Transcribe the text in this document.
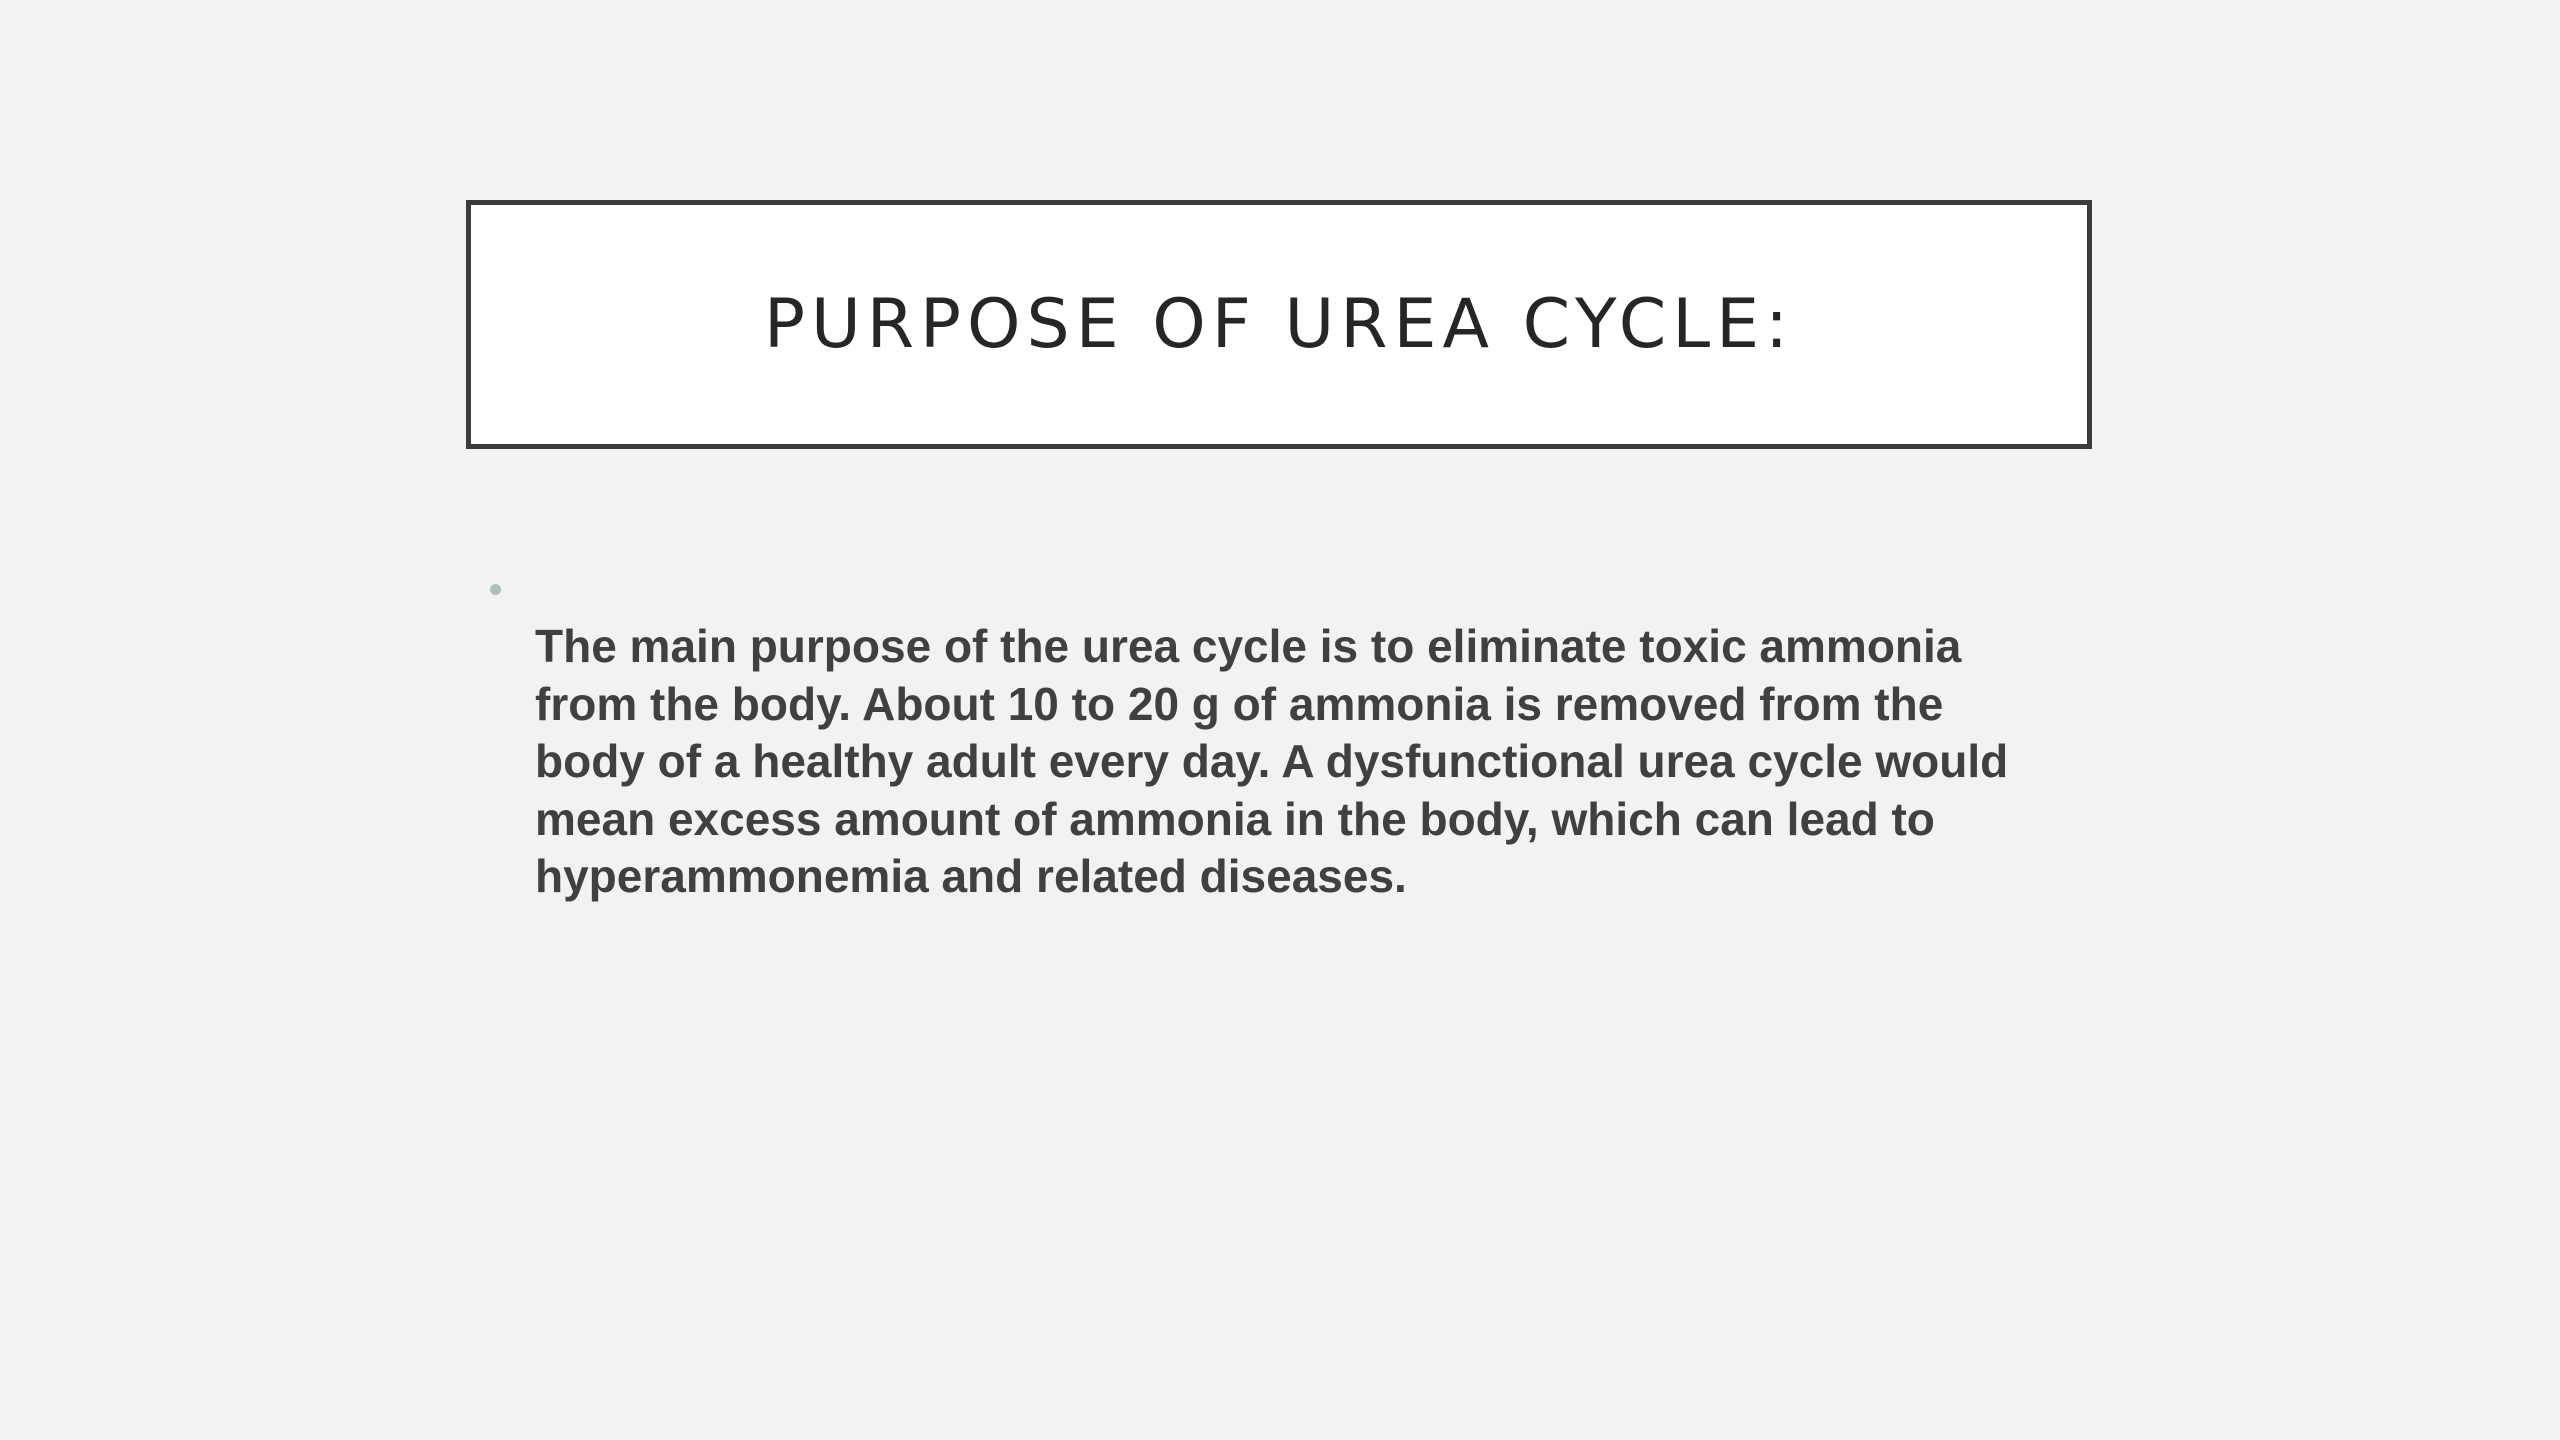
PURPOSE OF UREA CYCLE:

The main purpose of the urea cycle is to eliminate toxic ammonia from the body. About 10 to 20 g of ammonia is removed from the body of a healthy adult every day. A dysfunctional urea cycle would mean excess amount of ammonia in the body, which can lead to hyperammonemia and related diseases.
